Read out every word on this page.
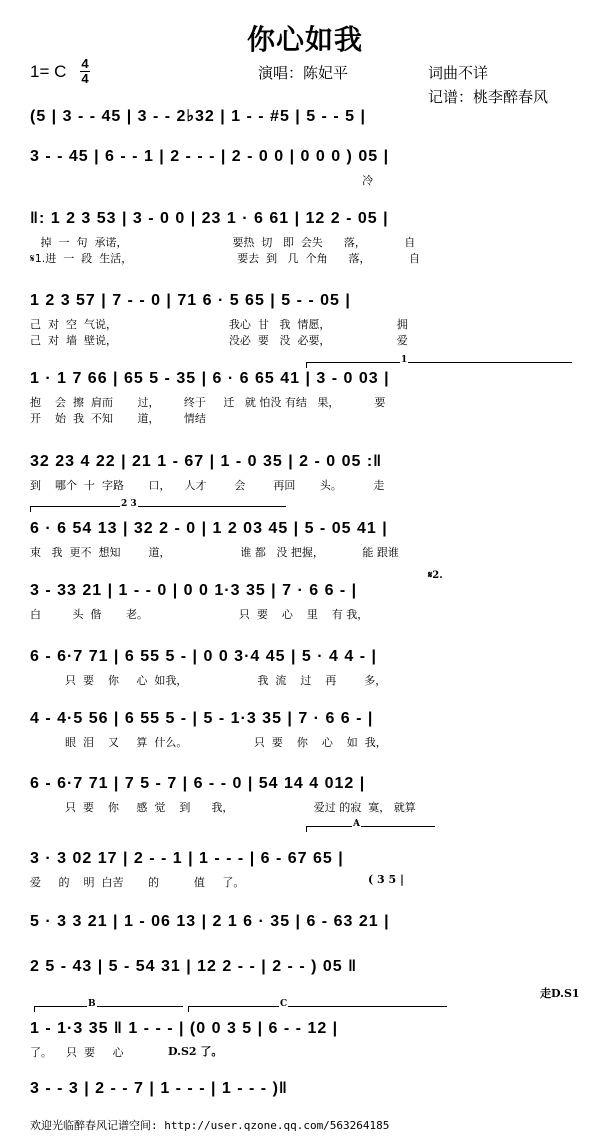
你心如我
1= C 4
4	演唱：陈妃平	词曲不详
记谱：桃李醉春风
(5 | 3 - - 45 | 3 - - 2♭32 | 1 - - #5 | 5 - - 5 |
3 - - 45 | 6 - - 1 | 2 - - - | 2 - 0 0 | 0 0 0 ) 05 |
冷
‖: 1 2 3 53 | 3 - 0 0 | 23 1 · 6 61 | 12 2 - 05 |
掉  一  句  承诺，                              要热  切   即  会失      落，           自
𝄋1.进  一  段  生活，                              要去  到   几  个角      落，           自
1 2 3 57 | 7 - - 0 | 71 6 · 5 65 | 5 - - 05 |
己  对  空  气说，                                我心  甘   我  情愿，                   拥
己  对  墙  壁说，                                没必  要   没  必要，                   爱
1 · 1 7 66 | 65 5 - 35 | 6 · 6 65 41 | 3 - 0 03 |
抱    会  擦  肩而       过，       终于     迁   就 怕没 有结   果，          要
开    始  我  不知       道，       情结
32 23 4 22 | 21 1 - 67 | 1 - 0 35 | 2 - 0 05 :‖
到    哪个  十  字路       口，    人才        会        再回       头。         走
6 · 6 54 13 | 32 2 - 0 | 1 2 03 45 | 5 - 05 41 |
束   我  更不  想知        道，                    谁 都   没 把握，           能 跟谁
3 - 33 21 | 1 - - 0 | 0 0 1·3 35 | 7 · 6 6 - |
白         头  偕       老。                          只  要    心    里    有 我，
6 - 6·7 71 | 6 55 5 - | 0 0 3·4 45 | 5 · 4 4 - |
只  要    你     心  如我，                    我  流    过    再        多，
4 - 4·5 56 | 6 55 5 - | 5 - 1·3 35 | 7 · 6 6 - |
眼  泪    又     算  什么。                   只  要    你    心    如  我，
6 - 6·7 71 | 7 5 - 7 | 6 - - 0 | 54 14 4 012 |
只  要    你     感  觉    到      我，                       爱过 的寂  寞， 就算
3 · 3 02 17 | 2 - - 1 | 1 - - - | 6 - 67 65 |
爱     的    明  白苦       的          值     了。
5 · 3 3 21 | 1 - 06 13 | 2 1 6 · 35 | 6 - 63 21 |
2 5 - 43 | 5 - 54 31 | 12 2 - - | 2 - - ) 05 ‖
1 - 1·3 35 ‖ 1 - - - | (0 0 3 5 | 6 - - 12 |
了。    只  要     心
3 - - 3 | 2 - - 7 | 1 - - - | 1 - - - )‖
1
2 3
A
B	C
( 3 5 |
走D.S1
D.S2 了。
𝄋2.
欢迎光临醉春风记谱空间: http://user.qzone.qq.com/563264185
